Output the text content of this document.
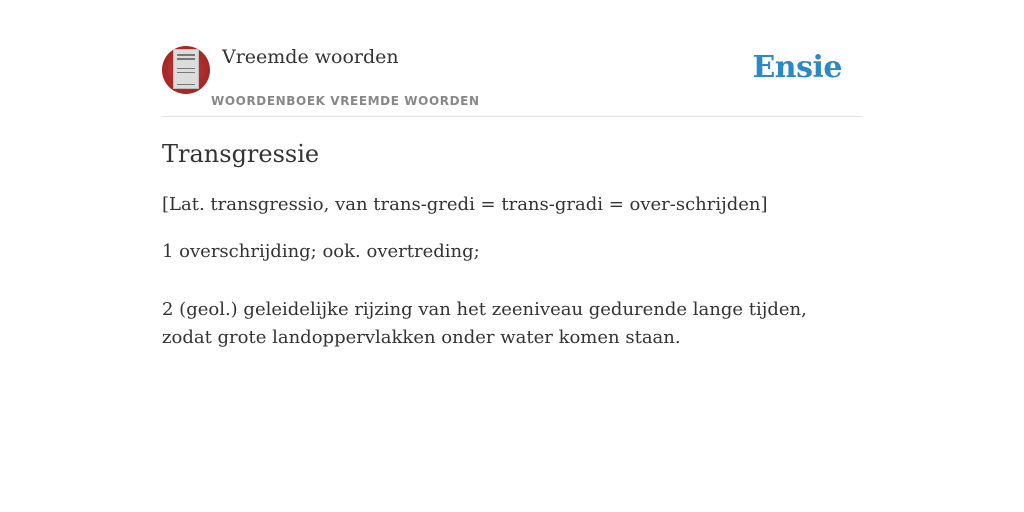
Vreemde woorden
WOORDENBOEK VREEMDE WOORDEN
Ensie
Transgressie
[Lat. transgressio, van trans-gredi = trans-gradi = over-schrijden]
1 overschrijding; ook. overtreding;
2 (geol.) geleidelijke rijzing van het zeeniveau gedurende lange tijden, zodat grote landoppervlakken onder water komen staan.
